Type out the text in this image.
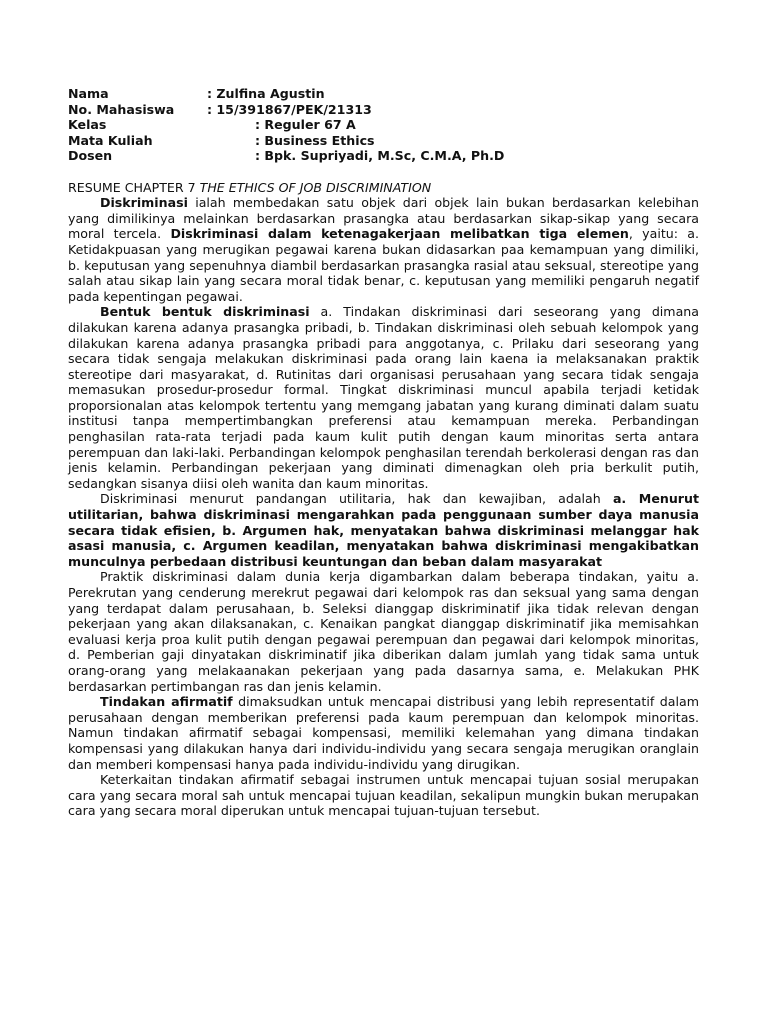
Nama	: Zulfina Agustin
No. Mahasiswa	: 15/391867/PEK/21313
Kelas	: Reguler 67 A
Mata Kuliah	: Business Ethics
Dosen	: Bpk. Supriyadi, M.Sc, C.M.A, Ph.D
RESUME CHAPTER 7 THE ETHICS OF JOB DISCRIMINATION

Diskriminasi ialah membedakan satu objek dari objek lain bukan berdasarkan kelebihan yang dimilikinya melainkan berdasarkan prasangka atau berdasarkan sikap-sikap yang secara moral tercela. Diskriminasi dalam ketenagakerjaan melibatkan tiga elemen, yaitu: a. Ketidakpuasan yang merugikan pegawai karena bukan didasarkan paa kemampuan yang dimiliki, b. keputusan yang sepenuhnya diambil berdasarkan prasangka rasial atau seksual, stereotipe yang salah atau sikap lain yang secara moral tidak benar, c. keputusan yang memiliki pengaruh negatif pada kepentingan pegawai.

Bentuk bentuk diskriminasi a. Tindakan diskriminasi dari seseorang yang dimana dilakukan karena adanya prasangka pribadi, b. Tindakan diskriminasi oleh sebuah kelompok yang dilakukan karena adanya prasangka pribadi para anggotanya, c. Prilaku dari seseorang yang secara tidak sengaja melakukan diskriminasi pada orang lain kaena ia melaksanakan praktik stereotipe dari masyarakat, d. Rutinitas dari organisasi perusahaan yang secara tidak sengaja memasukan prosedur-prosedur formal. Tingkat diskriminasi muncul apabila terjadi ketidak proporsionalan atas kelompok tertentu yang memgang jabatan yang kurang diminati dalam suatu institusi tanpa mempertimbangkan preferensi atau kemampuan mereka. Perbandingan penghasilan rata-rata terjadi pada kaum kulit putih dengan kaum minoritas serta antara perempuan dan laki-laki. Perbandingan kelompok penghasilan terendah berkolerasi dengan ras dan jenis kelamin. Perbandingan pekerjaan yang diminati dimenagkan oleh pria berkulit putih, sedangkan sisanya diisi oleh wanita dan kaum minoritas.

Diskriminasi menurut pandangan utilitaria, hak dan kewajiban, adalah a. Menurut utilitarian, bahwa diskriminasi mengarahkan pada penggunaan sumber daya manusia secara tidak efisien, b. Argumen hak, menyatakan bahwa diskriminasi melanggar hak asasi manusia, c. Argumen keadilan, menyatakan bahwa diskriminasi mengakibatkan munculnya perbedaan distribusi keuntungan dan beban dalam masyarakat

Praktik diskriminasi dalam dunia kerja digambarkan dalam beberapa tindakan, yaitu a. Perekrutan yang cenderung merekrut pegawai dari kelompok ras dan seksual yang sama dengan yang terdapat dalam perusahaan, b. Seleksi dianggap diskriminatif jika tidak relevan dengan pekerjaan yang akan dilaksanakan, c. Kenaikan pangkat dianggap diskriminatif jika memisahkan evaluasi kerja proa kulit putih dengan pegawai perempuan dan pegawai dari kelompok minoritas, d. Pemberian gaji dinyatakan diskriminatif jika diberikan dalam jumlah yang tidak sama untuk orang-orang yang melakaanakan pekerjaan yang pada dasarnya sama, e. Melakukan PHK berdasarkan pertimbangan ras dan jenis kelamin.

Tindakan afirmatif dimaksudkan untuk mencapai distribusi yang lebih representatif dalam perusahaan dengan memberikan preferensi pada kaum perempuan dan kelompok minoritas. Namun tindakan afirmatif sebagai kompensasi, memiliki kelemahan yang dimana tindakan kompensasi yang dilakukan hanya dari individu-individu yang secara sengaja merugikan oranglain dan memberi kompensasi hanya pada individu-individu yang dirugikan.

Keterkaitan tindakan afirmatif sebagai instrumen untuk mencapai tujuan sosial merupakan cara yang secara moral sah untuk mencapai tujuan keadilan, sekalipun mungkin bukan merupakan cara yang secara moral diperukan untuk mencapai tujuan-tujuan tersebut.
